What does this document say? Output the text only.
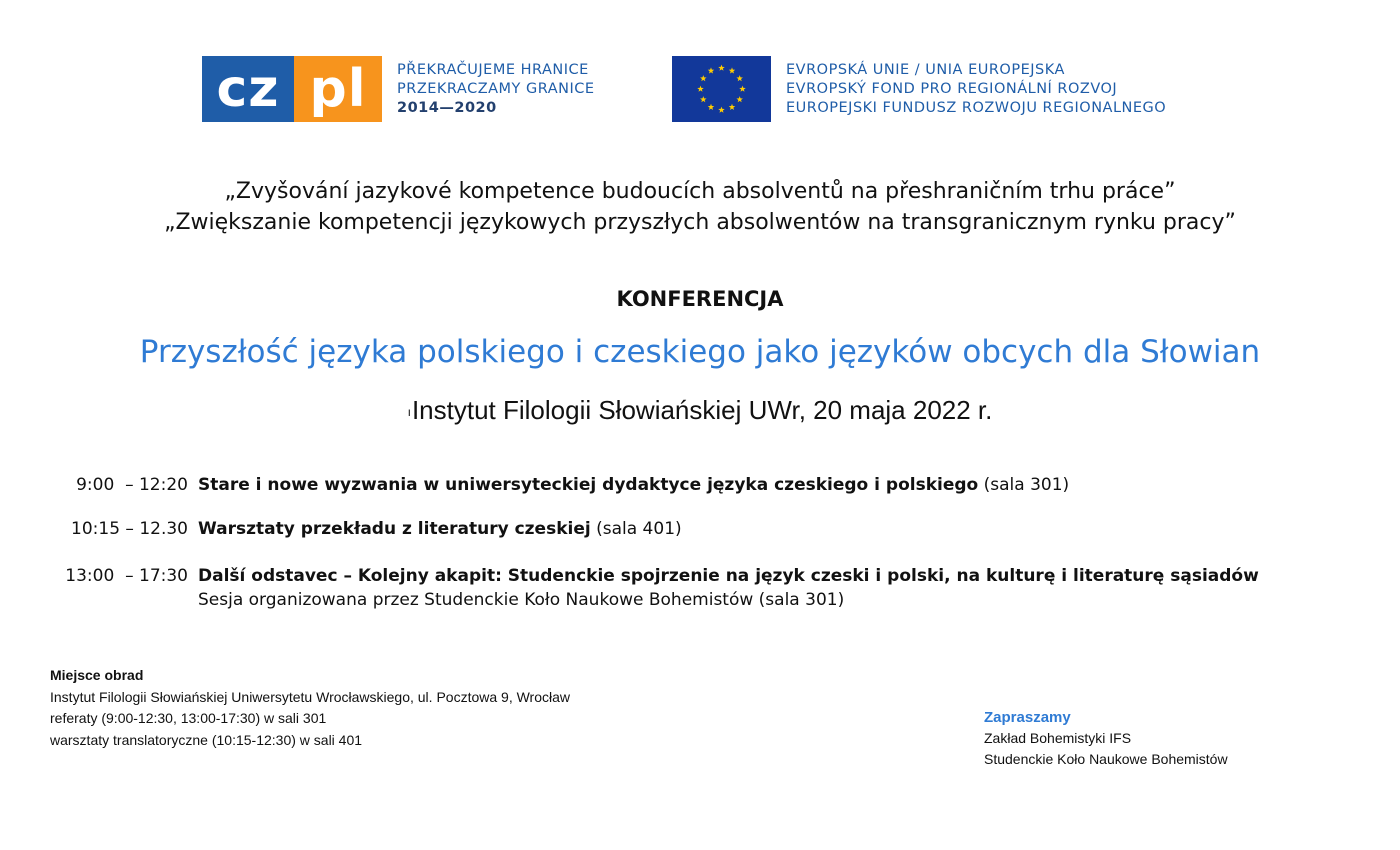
cz pl	PŘEKRAČUJEME HRANICE
PRZEKRACZAMY GRANICE
2014—2020
EVROPSKÁ UNIE / UNIA EUROPEJSKA
EVROPSKÝ FOND PRO REGIONÁLNÍ ROZVOJ
EUROPEJSKI FUNDUSZ ROZWOJU REGIONALNEGO
„Zvyšování jazykové kompetence budoucích absolventů na přeshraničním trhu práce”
„Zwiększanie kompetencji językowych przyszłych absolwentów na transgranicznym rynku pracy”
KONFERENCJA
Przyszłość języka polskiego i czeskiego jako języków obcych dla Słowian
ıInstytut Filologii Słowiańskiej UWr, 20 maja 2022 r.
9:00  – 12:20 Stare i nowe wyzwania w uniwersyteckiej dydaktyce języka czeskiego i polskiego (sala 301)
10:15 – 12.30 Warsztaty przekładu z literatury czeskiej (sala 401)
13:00  – 17:30 Další odstavec – Kolejny akapit: Studenckie spojrzenie na język czeski i polski, na kulturę i literaturę sąsiadów
Sesja organizowana przez Studenckie Koło Naukowe Bohemistów (sala 301)
Miejsce obrad
Instytut Filologii Słowiańskiej Uniwersytetu Wrocławskiego, ul. Pocztowa 9, Wrocław
referaty (9:00-12:30, 13:00-17:30) w sali 301
warsztaty translatoryczne (10:15-12:30) w sali 401
Zapraszamy
Zakład Bohemistyki IFS
Studenckie Koło Naukowe Bohemistów
